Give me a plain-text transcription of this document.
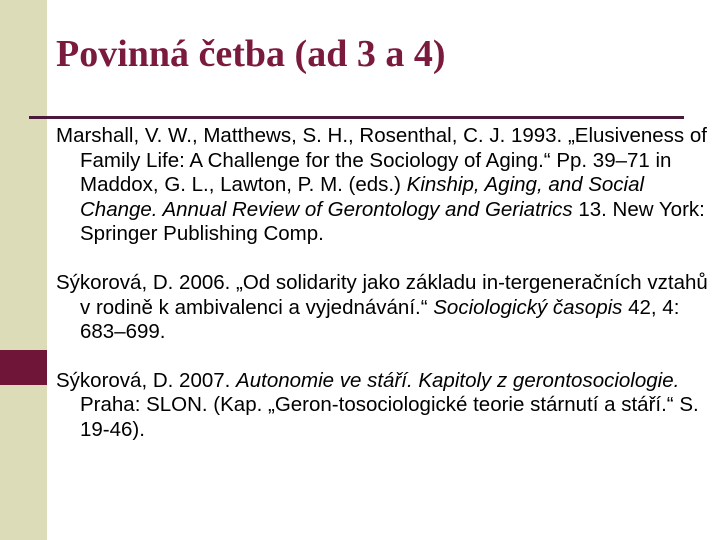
Povinná četba (ad 3 a 4)

Marshall, V. W., Matthews, S. H., Rosenthal, C. J. 1993. „Elusiveness of Family Life: A Challenge for the Sociology of Aging.“ Pp. 39–71 in Maddox, G. L., Lawton, P. M. (eds.) Kinship, Aging, and Social Change. Annual Review of Gerontology and Geriatrics 13. New York: Springer Publishing Comp.

Sýkorová, D. 2006. „Od solidarity jako základu in-tergeneračních vztahů v rodině k ambivalenci a vyjednávání.“ Sociologický časopis 42, 4: 683–699.

Sýkorová, D. 2007. Autonomie ve stáří. Kapitoly z gerontosociologie. Praha: SLON. (Kap. „Geron-tosociologické teorie stárnutí a stáří.“ S. 19-46).
